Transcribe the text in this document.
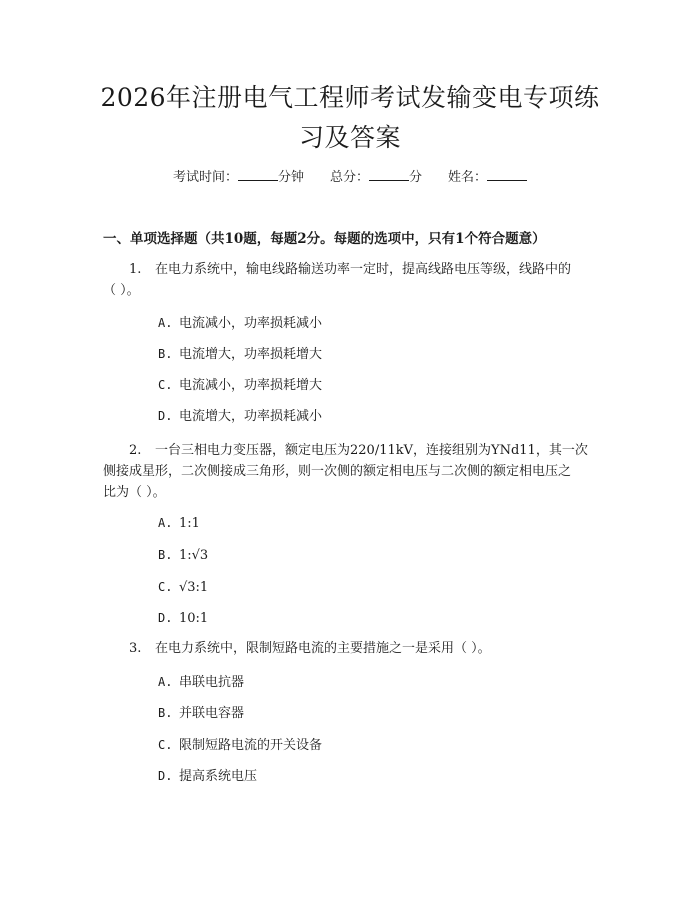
2026年注册电气工程师考试发输变电专项练
习及答案
考试时间：	分钟 总分：	分 姓名：
一、单项选择题（共10题，每题2分。每题的选项中，只有1个符合题意）
1. 在电力系统中，输电线路输送功率一定时，提高线路电压等级，线路中的
（ ）。
A. 电流减小，功率损耗减小
B. 电流增大，功率损耗增大
C. 电流减小，功率损耗增大
D. 电流增大，功率损耗减小
2. 一台三相电力变压器，额定电压为220/11kV，连接组别为YNd11，其一次
侧接成星形，二次侧接成三角形，则一次侧的额定相电压与二次侧的额定相电压之
比为（ ）。
A. 1:1
B. 1:√3
C. √3:1
D. 10:1
3. 在电力系统中，限制短路电流的主要措施之一是采用（ ）。
A. 串联电抗器
B. 并联电容器
C. 限制短路电流的开关设备
D. 提高系统电压
